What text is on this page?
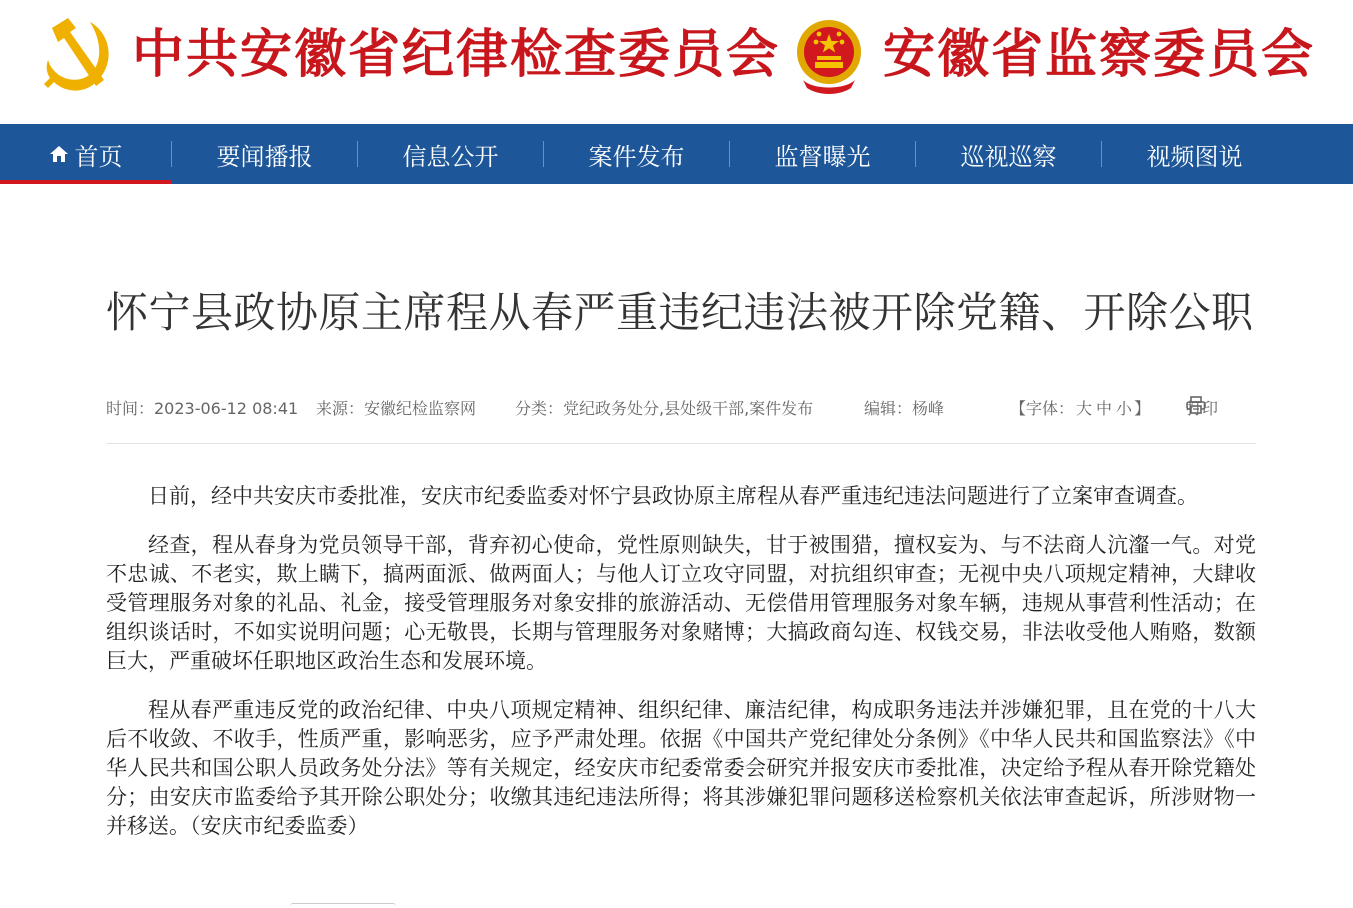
中共安徽省纪律检查委员会 安徽省监察委员会
首页	要闻播报	信息公开	案件发布	监督曝光	巡视巡察	视频图说
怀宁县政协原主席程从春严重违纪违法被开除党籍、开除公职
时间：2023-06-12 08:41 来源：安徽纪检监察网 分类：党纪政务处分,县处级干部,案件发布	编辑：杨峰	【字体： 大 中 小 】 打印

日前，经中共安庆市委批准，安庆市纪委监委对怀宁县政协原主席程从春严重违纪违法问题进行了立案审查调查。

经查，程从春身为党员领导干部，背弃初心使命，党性原则缺失，甘于被围猎，擅权妄为、与不法商人沆瀣一气。对党不忠诚、不老实，欺上瞒下，搞两面派、做两面人；与他人订立攻守同盟，对抗组织审查；无视中央八项规定精神，大肆收受管理服务对象的礼品、礼金，接受管理服务对象安排的旅游活动、无偿借用管理服务对象车辆，违规从事营利性活动；在组织谈话时，不如实说明问题；心无敬畏，长期与管理服务对象赌博；大搞政商勾连、权钱交易，非法收受他人贿赂，数额巨大，严重破坏任职地区政治生态和发展环境。

程从春严重违反党的政治纪律、中央八项规定精神、组织纪律、廉洁纪律，构成职务违法并涉嫌犯罪，且在党的十八大后不收敛、不收手，性质严重，影响恶劣，应予严肃处理。依据《中国共产党纪律处分条例》《中华人民共和国监察法》《中华人民共和国公职人员政务处分法》等有关规定，经安庆市纪委常委会研究并报安庆市委批准，决定给予程从春开除党籍处分；由安庆市监委给予其开除公职处分；收缴其违纪违法所得；将其涉嫌犯罪问题移送检察机关依法审查起诉，所涉财物一并移送。（安庆市纪委监委）
